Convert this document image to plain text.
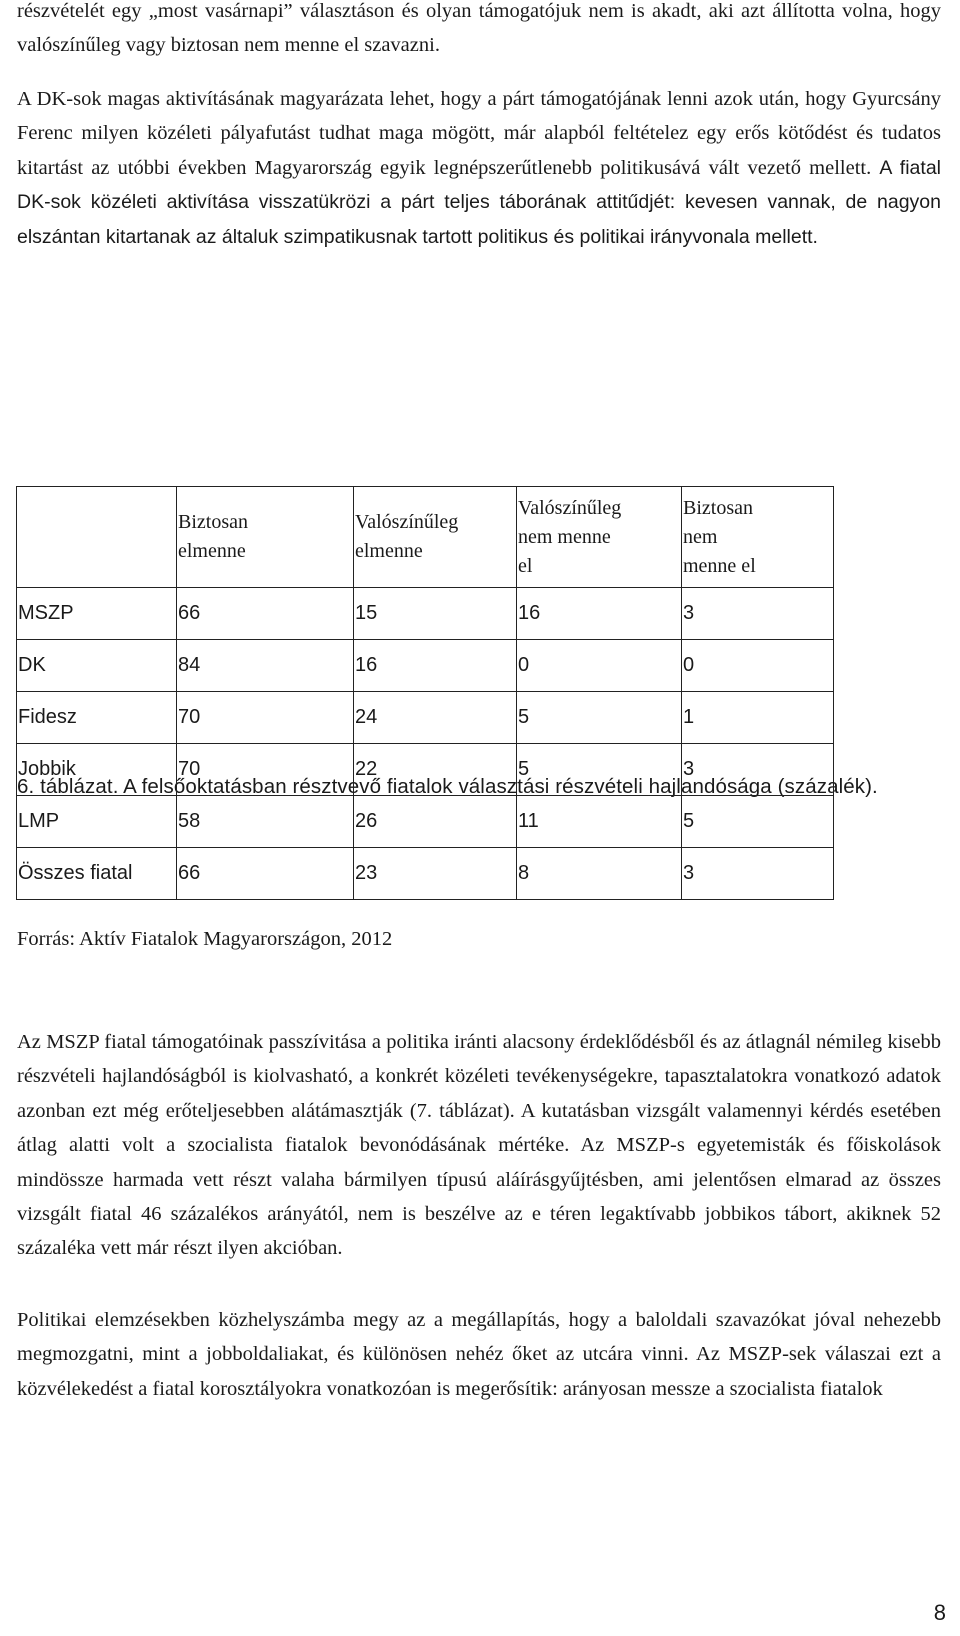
részvételét egy „most vasárnapi” választáson és olyan támogatójuk nem is akadt, aki azt állította volna, hogy valószínűleg vagy biztosan nem menne el szavazni.

A DK-sok magas aktivításának magyarázata lehet, hogy a párt támogatójának lenni azok után, hogy Gyurcsány Ferenc milyen közéleti pályafutást tudhat maga mögött, már alapból feltételez egy erős kötődést és tudatos kitartást az utóbbi években Magyarország egyik legnépszerűtlenebb politikusává vált vezető mellett. A fiatal DK-sok közéleti aktivítása visszatükrözi a párt teljes táborának attitűdjét: kevesen vannak, de nagyon elszántan kitartanak az általuk szimpatikusnak tartott politikus és politikai irányvonala mellett.

6. táblázat. A felsőoktatásban résztvevő fiatalok választási részvételi hajlandósága (százalék).

	Biztosan
elmenne	Valószínűleg
elmenne	Valószínűleg
nem menne
el	Biztosan
nem
menne el

MSZP	66	15	16	3
DK	84	16	0	0
Fidesz	70	24	5	1
Jobbik	70	22	5	3
LMP	58	26	11	5
Összes fiatal	66	23	8	3

Forrás: Aktív Fiatalok Magyarországon, 2012

Az MSZP fiatal támogatóinak passzívitása a politika iránti alacsony érdeklődésből és az átlagnál némileg kisebb részvételi hajlandóságból is kiolvasható, a konkrét közéleti tevékenységekre, tapasztalatokra vonatkozó adatok azonban ezt még erőteljesebben alátámasztják (7. táblázat). A kutatásban vizsgált valamennyi kérdés esetében átlag alatti volt a szocialista fiatalok bevonódásának mértéke. Az MSZP-s egyetemisták és főiskolások mindössze harmada vett részt valaha bármilyen típusú aláírásgyűjtésben, ami jelentősen elmarad az összes vizsgált fiatal 46 százalékos arányától, nem is beszélve az e téren legaktívabb jobbikos tábort, akiknek 52 százaléka vett már részt ilyen akcióban.

Politikai elemzésekben közhelyszámba megy az a megállapítás, hogy a baloldali szavazókat jóval nehezebb megmozgatni, mint a jobboldaliakat, és különösen nehéz őket az utcára vinni. Az MSZP-sek válaszai ezt a közvélekedést a fiatal korosztályokra vonatkozóan is megerősítik: arányosan messze a szocialista fiatalok

8
